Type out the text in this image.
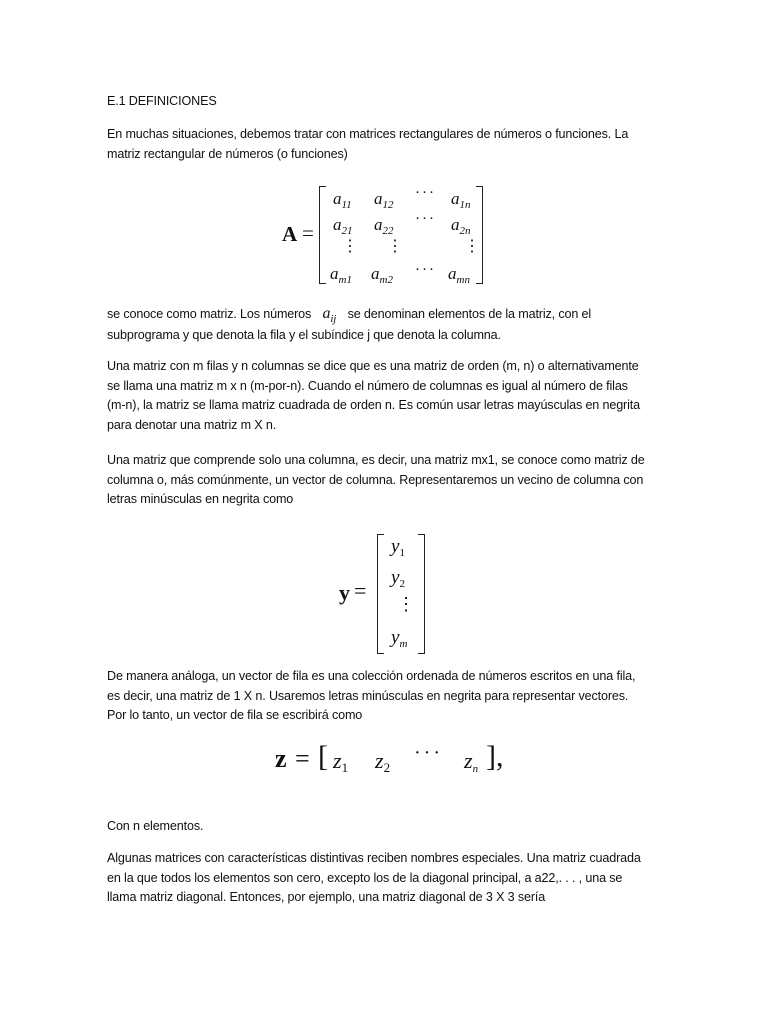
E.1 DEFINICIONES
En muchas situaciones, debemos tratar con matrices rectangulares de números o funciones. La
matriz rectangular de números (o funciones)
A =
$a_{11}$ $a_{12}$
··· $a_{1n}$
$a_{21}$ $a_{22}$
··· $a_{2n}$
⋮ ⋮	⋮
$a_{m1}$ $a_{m2}$
··· $a_{mn}$
se conoce como matriz. Los números $a_{ij}$ se denominan elementos de la matriz, con el
subprograma y que denota la fila y el subíndice j que denota la columna.
Una matriz con m filas y n columnas se dice que es una matriz de orden (m, n) o alternativamente
se llama una matriz m x n (m-por-n). Cuando el número de columnas es igual al número de filas
(m-n), la matriz se llama matriz cuadrada de orden n. Es común usar letras mayúsculas en negrita
para denotar una matriz m X n.
Una matriz que comprende solo una columna, es decir, una matriz mx1, se conoce como matriz de
columna o, más comúnmente, un vector de columna. Representaremos un vecino de columna con
letras minúsculas en negrita como
y =
$y_1$
$y_2$
⋮
$y_m$
De manera análoga, un vector de fila es una colección ordenada de números escritos en una fila,
es decir, una matriz de 1 X n. Usaremos letras minúsculas en negrita para representar vectores.
Por lo tanto, un vector de fila se escribirá como
z = [ z1 z2
··· zn ],
Con n elementos.
Algunas matrices con características distintivas reciben nombres especiales. Una matriz cuadrada
en la que todos los elementos son cero, excepto los de la diagonal principal, a a22,. . . , una se
llama matriz diagonal. Entonces, por ejemplo, una matriz diagonal de 3 X 3 sería
